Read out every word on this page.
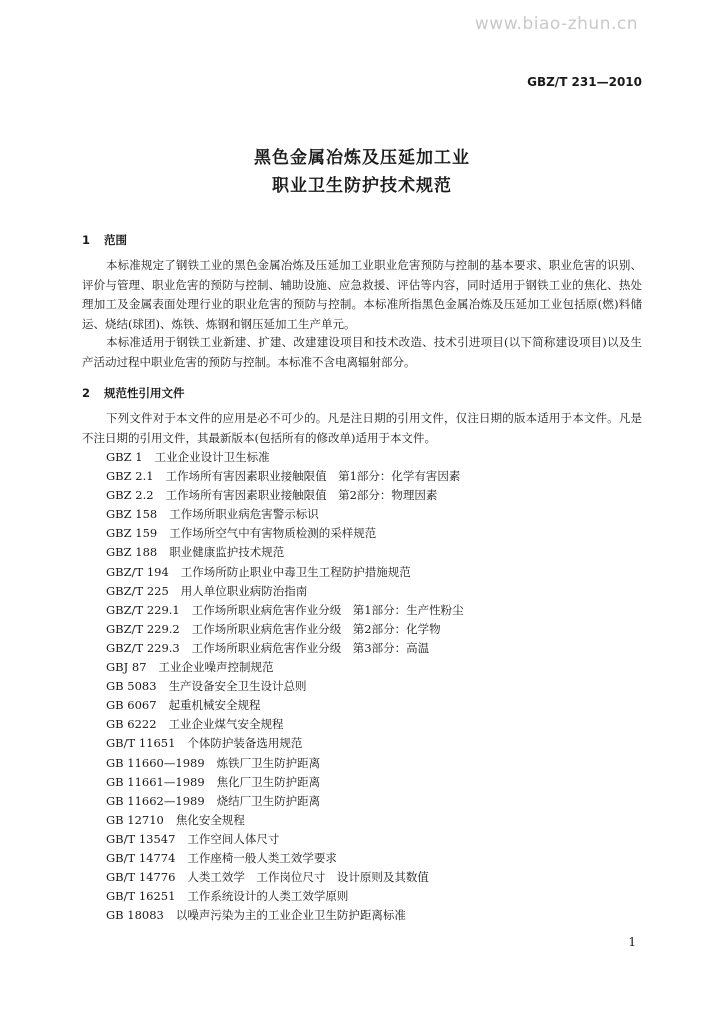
www.biao-zhun.cn
GBZ/T 231—2010
黑色金属冶炼及压延加工业
职业卫生防护技术规范
1 范围

本标准规定了钢铁工业的黑色金属冶炼及压延加工业职业危害预防与控制的基本要求、职业危害的识别、评价与管理、职业危害的预防与控制、辅助设施、应急救援、评估等内容，同时适用于钢铁工业的焦化、热处理加工及金属表面处理行业的职业危害的预防与控制。本标准所指黑色金属冶炼及压延加工业包括原(燃)料储运、烧结(球团)、炼铁、炼钢和钢压延加工生产单元。

本标准适用于钢铁工业新建、扩建、改建建设项目和技术改造、技术引进项目(以下简称建设项目)以及生产活动过程中职业危害的预防与控制。本标准不含电离辐射部分。

2 规范性引用文件

下列文件对于本文件的应用是必不可少的。凡是注日期的引用文件，仅注日期的版本适用于本文件。凡是不注日期的引用文件，其最新版本(包括所有的修改单)适用于本文件。

GBZ 1 工业企业设计卫生标准
GBZ 2.1 工作场所有害因素职业接触限值　第1部分：化学有害因素
GBZ 2.2 工作场所有害因素职业接触限值　第2部分：物理因素
GBZ 158 工作场所职业病危害警示标识
GBZ 159 工作场所空气中有害物质检测的采样规范
GBZ 188 职业健康监护技术规范
GBZ/T 194 工作场所防止职业中毒卫生工程防护措施规范
GBZ/T 225 用人单位职业病防治指南
GBZ/T 229.1 工作场所职业病危害作业分级　第1部分：生产性粉尘
GBZ/T 229.2 工作场所职业病危害作业分级　第2部分：化学物
GBZ/T 229.3 工作场所职业病危害作业分级　第3部分：高温
GBJ 87 工业企业噪声控制规范
GB 5083 生产设备安全卫生设计总则
GB 6067 起重机械安全规程
GB 6222 工业企业煤气安全规程
GB/T 11651 个体防护装备选用规范
GB 11660—1989 炼铁厂卫生防护距离
GB 11661—1989 焦化厂卫生防护距离
GB 11662—1989 烧结厂卫生防护距离
GB 12710 焦化安全规程
GB/T 13547 工作空间人体尺寸
GB/T 14774 工作座椅一般人类工效学要求
GB/T 14776 人类工效学　工作岗位尺寸　设计原则及其数值
GB/T 16251 工作系统设计的人类工效学原则
GB 18083 以噪声污染为主的工业企业卫生防护距离标准
1
